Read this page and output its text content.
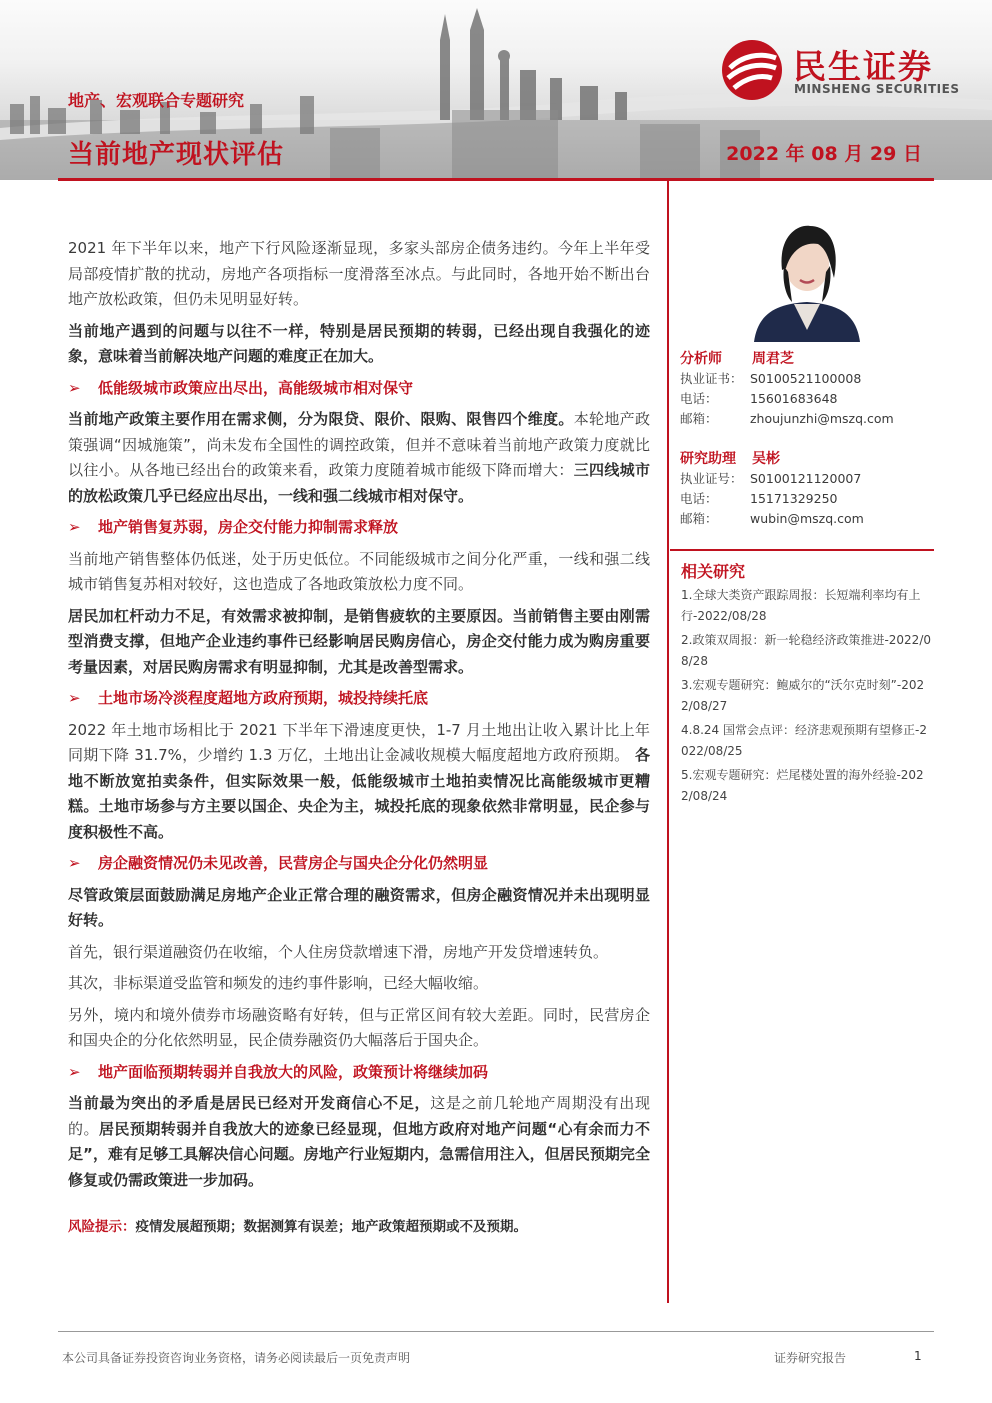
民生证券
MINSHENG SECURITIES
地产、宏观联合专题研究
当前地产现状评估	2022 年 08 月 29 日

2021 年下半年以来，地产下行风险逐渐显现，多家头部房企债务违约。今年上半年受局部疫情扩散的扰动，房地产各项指标一度滑落至冰点。与此同时，各地开始不断出台地产放松政策，但仍未见明显好转。

当前地产遇到的问题与以往不一样，特别是居民预期的转弱，已经出现自我强化的迹象，意味着当前解决地产问题的难度正在加大。

➢ 低能级城市政策应出尽出，高能级城市相对保守

当前地产政策主要作用在需求侧，分为限贷、限价、限购、限售四个维度。本轮地产政策强调“因城施策”，尚未发布全国性的调控政策，但并不意味着当前地产政策力度就比以往小。从各地已经出台的政策来看，政策力度随着城市能级下降而增大：三四线城市的放松政策几乎已经应出尽出，一线和强二线城市相对保守。

➢ 地产销售复苏弱，房企交付能力抑制需求释放

当前地产销售整体仍低迷，处于历史低位。不同能级城市之间分化严重，一线和强二线城市销售复苏相对较好，这也造成了各地政策放松力度不同。

居民加杠杆动力不足，有效需求被抑制，是销售疲软的主要原因。当前销售主要由刚需型消费支撑，但地产企业违约事件已经影响居民购房信心，房企交付能力成为购房重要考量因素，对居民购房需求有明显抑制，尤其是改善型需求。

➢ 土地市场冷淡程度超地方政府预期，城投持续托底

2022 年土地市场相比于 2021 下半年下滑速度更快，1-7 月土地出让收入累计比上年同期下降 31.7%，少增约 1.3 万亿，土地出让金减收规模大幅度超地方政府预期。 各地不断放宽拍卖条件，但实际效果一般，低能级城市土地拍卖情况比高能级城市更糟糕。土地市场参与方主要以国企、央企为主，城投托底的现象依然非常明显，民企参与度积极性不高。

➢ 房企融资情况仍未见改善，民营房企与国央企分化仍然明显

尽管政策层面鼓励满足房地产企业正常合理的融资需求，但房企融资情况并未出现明显好转。

首先，银行渠道融资仍在收缩，个人住房贷款增速下滑，房地产开发贷增速转负。

其次，非标渠道受监管和频发的违约事件影响，已经大幅收缩。

另外，境内和境外债券市场融资略有好转，但与正常区间有较大差距。同时，民营房企和国央企的分化依然明显，民企债券融资仍大幅落后于国央企。

➢ 地产面临预期转弱并自我放大的风险，政策预计将继续加码

当前最为突出的矛盾是居民已经对开发商信心不足，这是之前几轮地产周期没有出现的。居民预期转弱并自我放大的迹象已经显现，但地方政府对地产问题“心有余而力不足”，难有足够工具解决信心问题。房地产行业短期内，急需信用注入，但居民预期完全修复或仍需政策进一步加码。

风险提示：疫情发展超预期；数据测算有误差；地产政策超预期或不及预期。
分析师 周君芝
执业证书： S0100521100008
电话：	15601683648
邮箱：	zhoujunzhi@mszq.com
研究助理 吴彬
执业证号： S0100121120007
电话：	15171329250
邮箱：	wubin@mszq.com
相关研究
1.全球大类资产跟踪周报：长短端利率均有上行-2022/08/28
2.政策双周报：新一轮稳经济政策推进-2022/08/28
3.宏观专题研究：鲍威尔的“沃尔克时刻”-2022/08/27
4.8.24 国常会点评：经济悲观预期有望修正-2022/08/25
5.宏观专题研究：烂尾楼处置的海外经验-2022/08/24
本公司具备证券投资咨询业务资格，请务必阅读最后一页免责声明	证券研究报告	1
